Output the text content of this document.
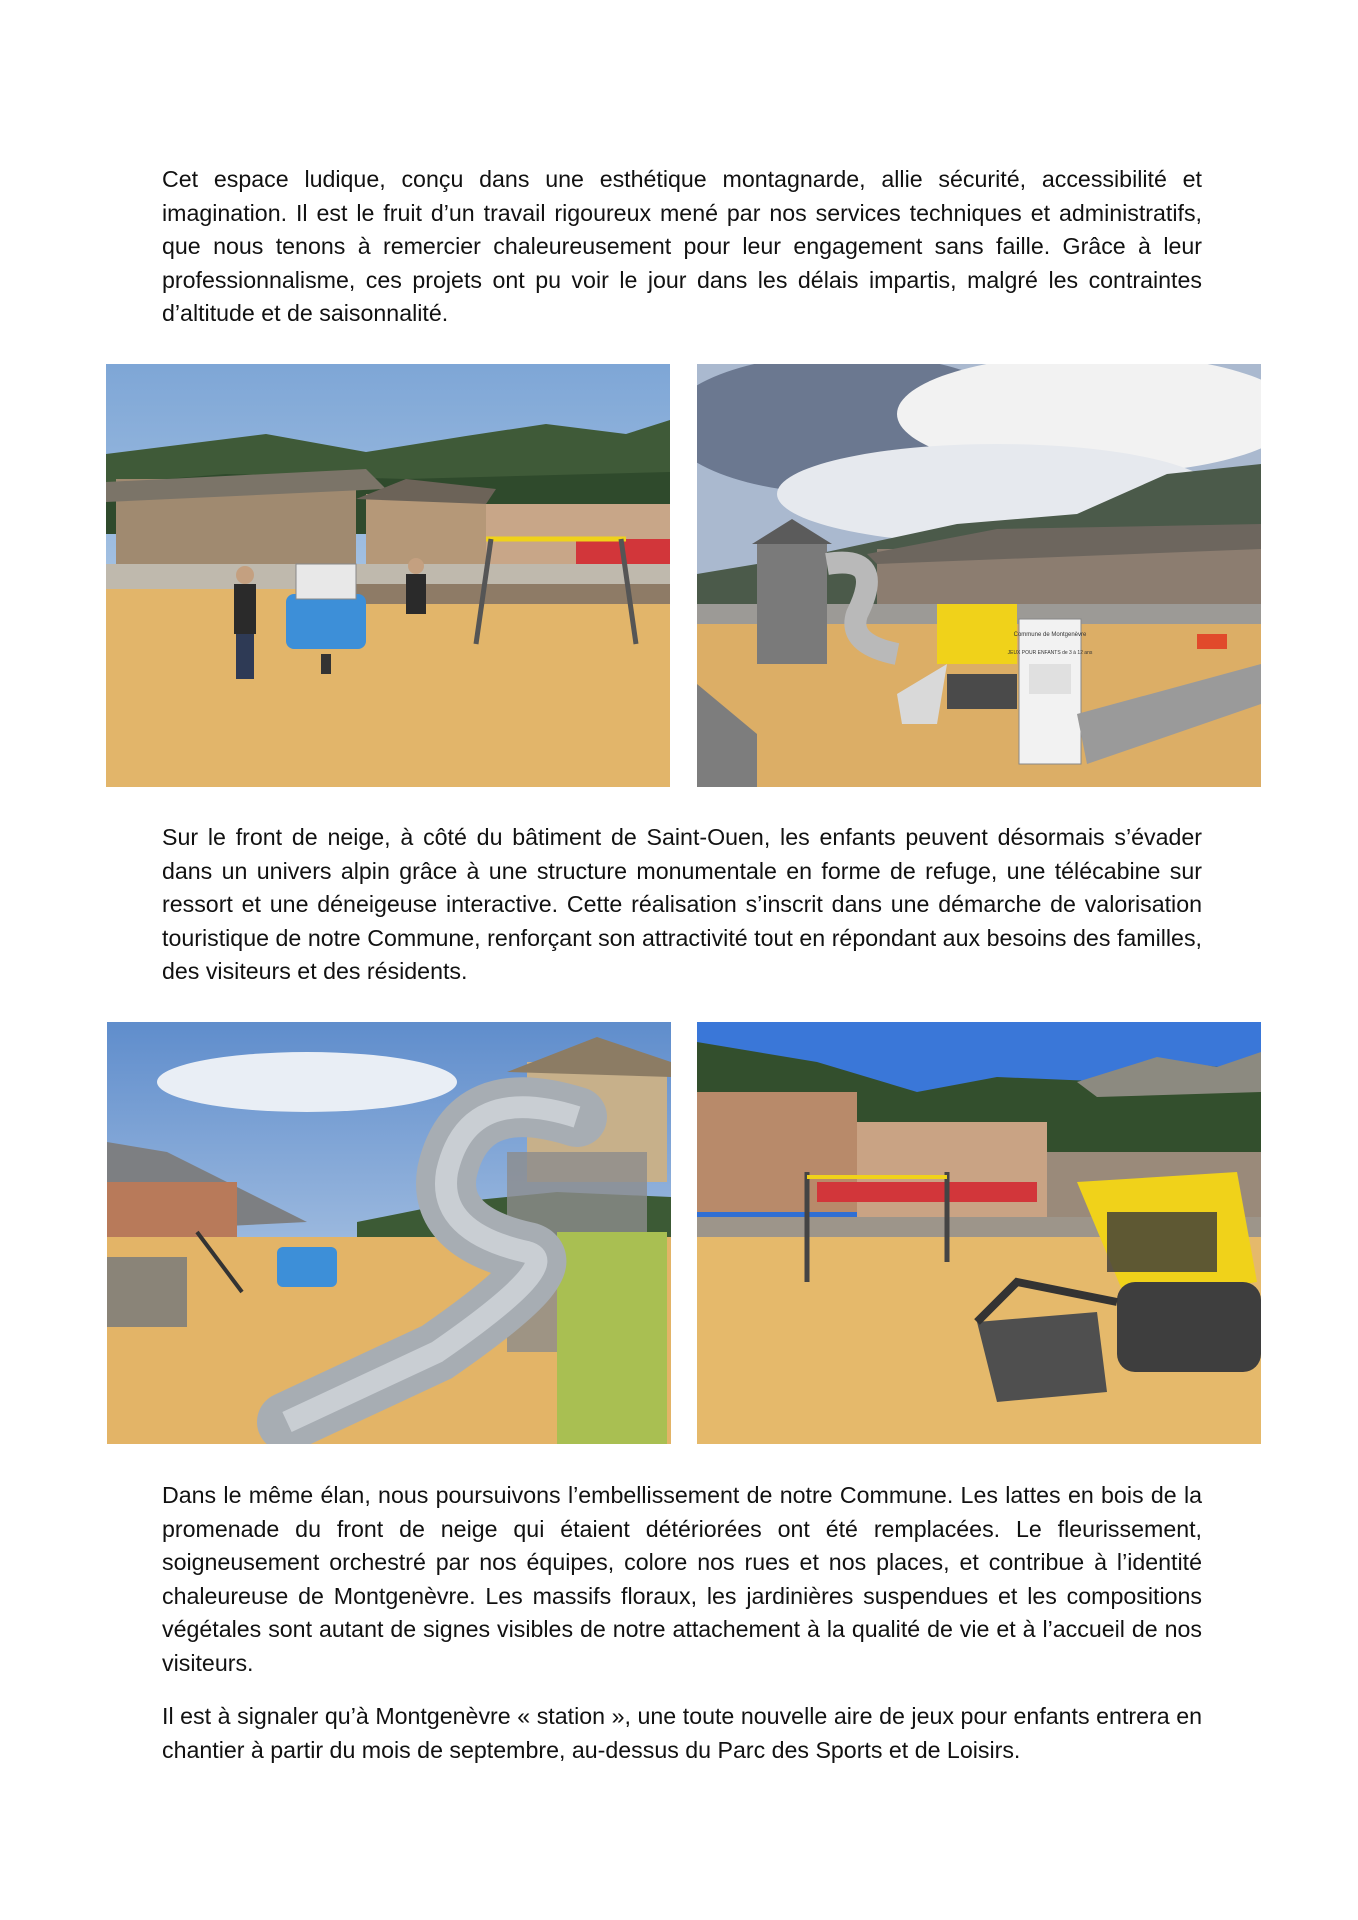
Cet espace ludique, conçu dans une esthétique montagnarde, allie sécurité, accessibilité et imagination. Il est le fruit d’un travail rigoureux mené par nos services techniques et administratifs, que nous tenons à remercier chaleureusement pour leur engagement sans faille. Grâce à leur professionnalisme, ces projets ont pu voir le jour dans les délais impartis, malgré les contraintes d’altitude et de saisonnalité.

Commune de Montgenèvre
JEUX POUR ENFANTS de 3 à 12 ans

Sur le front de neige, à côté du bâtiment de Saint-Ouen, les enfants peuvent désormais s’évader dans un univers alpin grâce à une structure monumentale en forme de refuge, une télécabine sur ressort et une déneigeuse interactive. Cette réalisation s’inscrit dans une démarche de valorisation touristique de notre Commune, renforçant son attractivité tout en répondant aux besoins des familles, des visiteurs et des résidents.

Dans le même élan, nous poursuivons l’embellissement de notre Commune. Les lattes en bois de la promenade du front de neige qui étaient détériorées ont été remplacées. Le fleurissement, soigneusement orchestré par nos équipes, colore nos rues et nos places, et contribue à l’identité chaleureuse de Montgenèvre. Les massifs floraux, les jardinières suspendues et les compositions végétales sont autant de signes visibles de notre attachement à la qualité de vie et à l’accueil de nos visiteurs.

Il est à signaler qu’à Montgenèvre « station », une toute nouvelle aire de jeux pour enfants entrera en chantier à partir du mois de septembre, au-dessus du Parc des Sports et de Loisirs.
